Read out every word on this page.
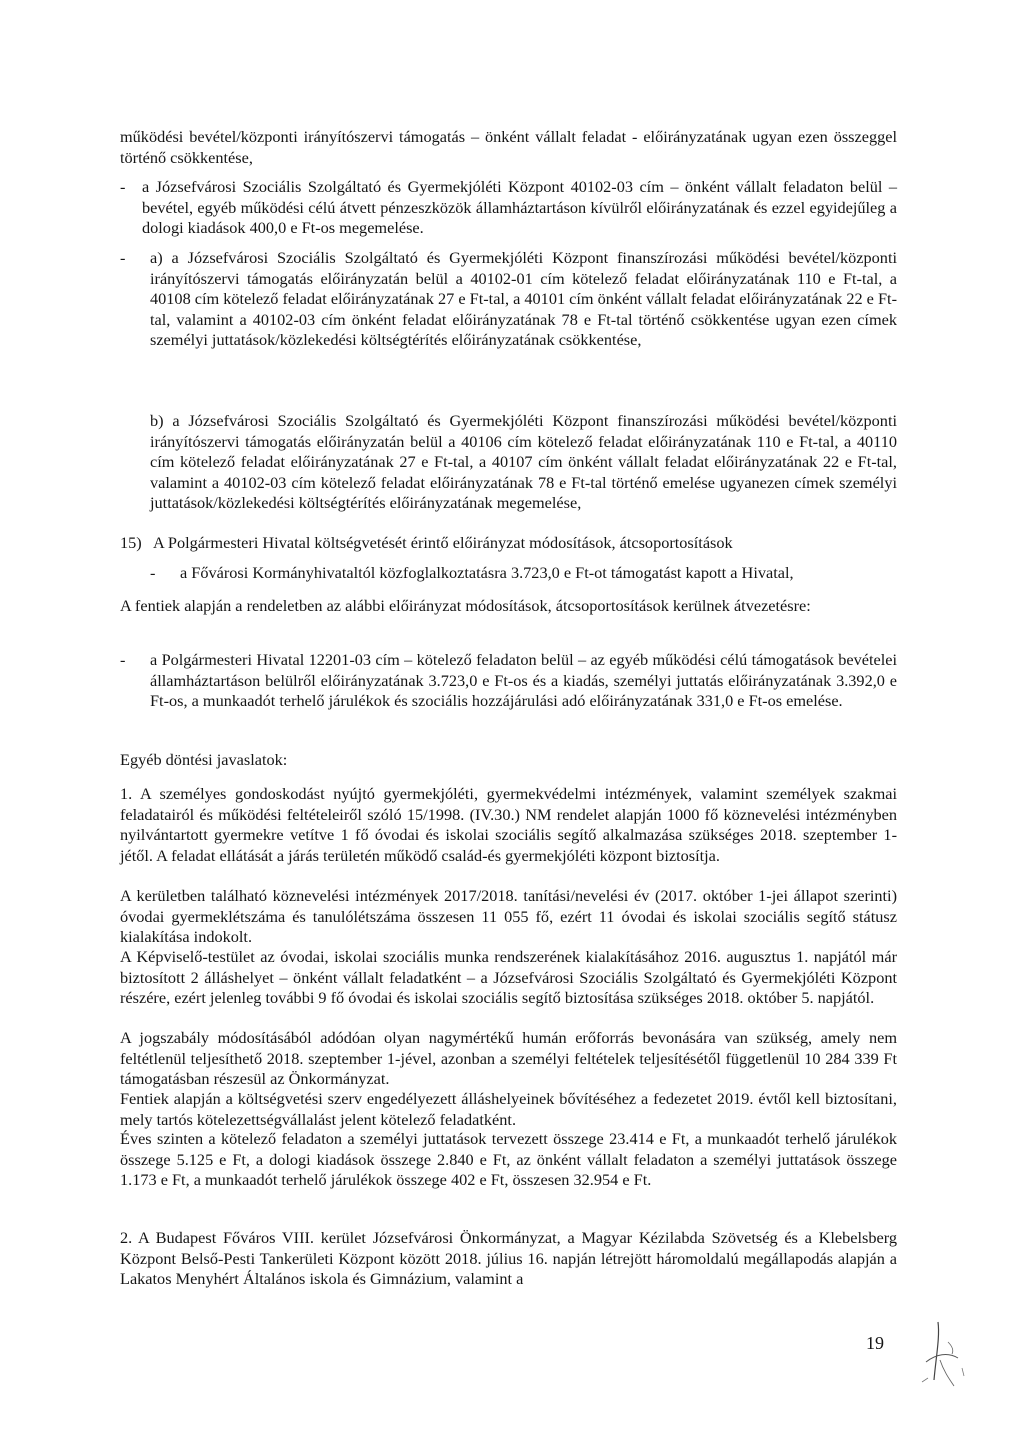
működési bevétel/központi irányítószervi támogatás – önként vállalt feladat - előirányzatának ugyan ezen összeggel történő csökkentése,

-	a Józsefvárosi Szociális Szolgáltató és Gyermekjóléti Központ 40102-03 cím – önként vállalt feladaton belül – bevétel, egyéb működési célú átvett pénzeszközök államháztartáson kívülről előirányzatának és ezzel egyidejűleg a dologi kiadások 400,0 e Ft-os megemelése.

-	a) a Józsefvárosi Szociális Szolgáltató és Gyermekjóléti Központ finanszírozási működési bevétel/központi irányítószervi támogatás előirányzatán belül a 40102-01 cím kötelező feladat előirányzatának 110 e Ft-tal, a 40108 cím kötelező feladat előirányzatának 27 e Ft-tal, a 40101 cím önként vállalt feladat előirányzatának 22 e Ft-tal, valamint a 40102-03 cím önként feladat előirányzatának 78 e Ft-tal történő csökkentése ugyan ezen címek személyi juttatások/közlekedési költségtérítés előirányzatának csökkentése,

b) a Józsefvárosi Szociális Szolgáltató és Gyermekjóléti Központ finanszírozási működési bevétel/központi irányítószervi támogatás előirányzatán belül a 40106 cím kötelező feladat előirányzatának 110 e Ft-tal, a 40110 cím kötelező feladat előirányzatának 27 e Ft-tal, a 40107 cím önként vállalt feladat előirányzatának 22 e Ft-tal, valamint a 40102-03 cím kötelező feladat előirányzatának 78 e Ft-tal történő emelése ugyanezen címek személyi juttatások/közlekedési költségtérítés előirányzatának megemelése,

15) A Polgármesteri Hivatal költségvetését érintő előirányzat módosítások, átcsoportosítások

-	a Fővárosi Kormányhivataltól közfoglalkoztatásra 3.723,0 e Ft-ot támogatást kapott a Hivatal,

A fentiek alapján a rendeletben az alábbi előirányzat módosítások, átcsoportosítások kerülnek átvezetésre:

-	a Polgármesteri Hivatal 12201-03 cím – kötelező feladaton belül – az egyéb működési célú támogatások bevételei államháztartáson belülről előirányzatának 3.723,0 e Ft-os és a kiadás, személyi juttatás előirányzatának 3.392,0 e Ft-os, a munkaadót terhelő járulékok és szociális hozzájárulási adó előirányzatának 331,0 e Ft-os emelése.

Egyéb döntési javaslatok:

1. A személyes gondoskodást nyújtó gyermekjóléti, gyermekvédelmi intézmények, valamint személyek szakmai feladatairól és működési feltételeiről szóló 15/1998. (IV.30.) NM rendelet alapján 1000 fő köznevelési intézményben nyilvántartott gyermekre vetítve 1 fő óvodai és iskolai szociális segítő alkalmazása szükséges 2018. szeptember 1-jétől. A feladat ellátását a járás területén működő család-és gyermekjóléti központ biztosítja.

A kerületben található köznevelési intézmények 2017/2018. tanítási/nevelési év (2017. október 1-jei állapot szerinti) óvodai gyermeklétszáma és tanulólétszáma összesen 11 055 fő, ezért 11 óvodai és iskolai szociális segítő státusz kialakítása indokolt.

A Képviselő-testület az óvodai, iskolai szociális munka rendszerének kialakításához 2016. augusztus 1. napjától már biztosított 2 álláshelyet – önként vállalt feladatként – a Józsefvárosi Szociális Szolgáltató és Gyermekjóléti Központ részére, ezért jelenleg további 9 fő óvodai és iskolai szociális segítő biztosítása szükséges 2018. október 5. napjától.

A jogszabály módosításából adódóan olyan nagymértékű humán erőforrás bevonására van szükség, amely nem feltétlenül teljesíthető 2018. szeptember 1-jével, azonban a személyi feltételek teljesítésétől függetlenül 10 284 339 Ft támogatásban részesül az Önkormányzat.

Fentiek alapján a költségvetési szerv engedélyezett álláshelyeinek bővítéséhez a fedezetet 2019. évtől kell biztosítani, mely tartós kötelezettségvállalást jelent kötelező feladatként.

Éves szinten a kötelező feladaton a személyi juttatások tervezett összege 23.414 e Ft, a munkaadót terhelő járulékok összege 5.125 e Ft, a dologi kiadások összege 2.840 e Ft, az önként vállalt feladaton a személyi juttatások összege 1.173 e Ft, a munkaadót terhelő járulékok összege 402 e Ft, összesen 32.954 e Ft.

2. A Budapest Főváros VIII. kerület Józsefvárosi Önkormányzat, a Magyar Kézilabda Szövetség és a Klebelsberg Központ Belső-Pesti Tankerületi Központ között 2018. július 16. napján létrejött háromoldalú megállapodás alapján a Lakatos Menyhért Általános iskola és Gimnázium, valamint a

19
